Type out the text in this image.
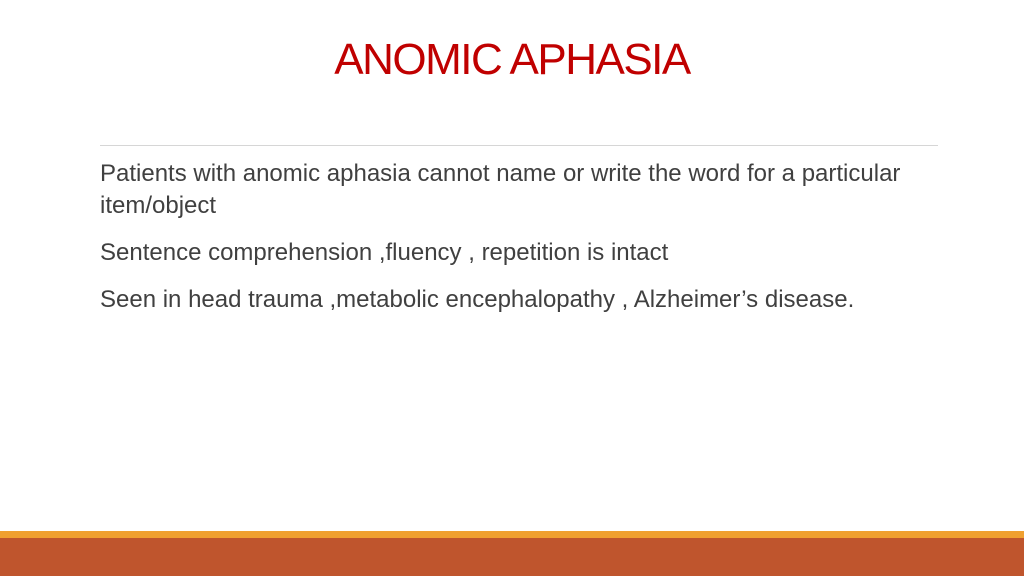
ANOMIC APHASIA

Patients with anomic aphasia cannot name or write the word for a particular item/object

Sentence comprehension ,fluency , repetition is intact

Seen in head trauma ,metabolic encephalopathy , Alzheimer’s disease.
